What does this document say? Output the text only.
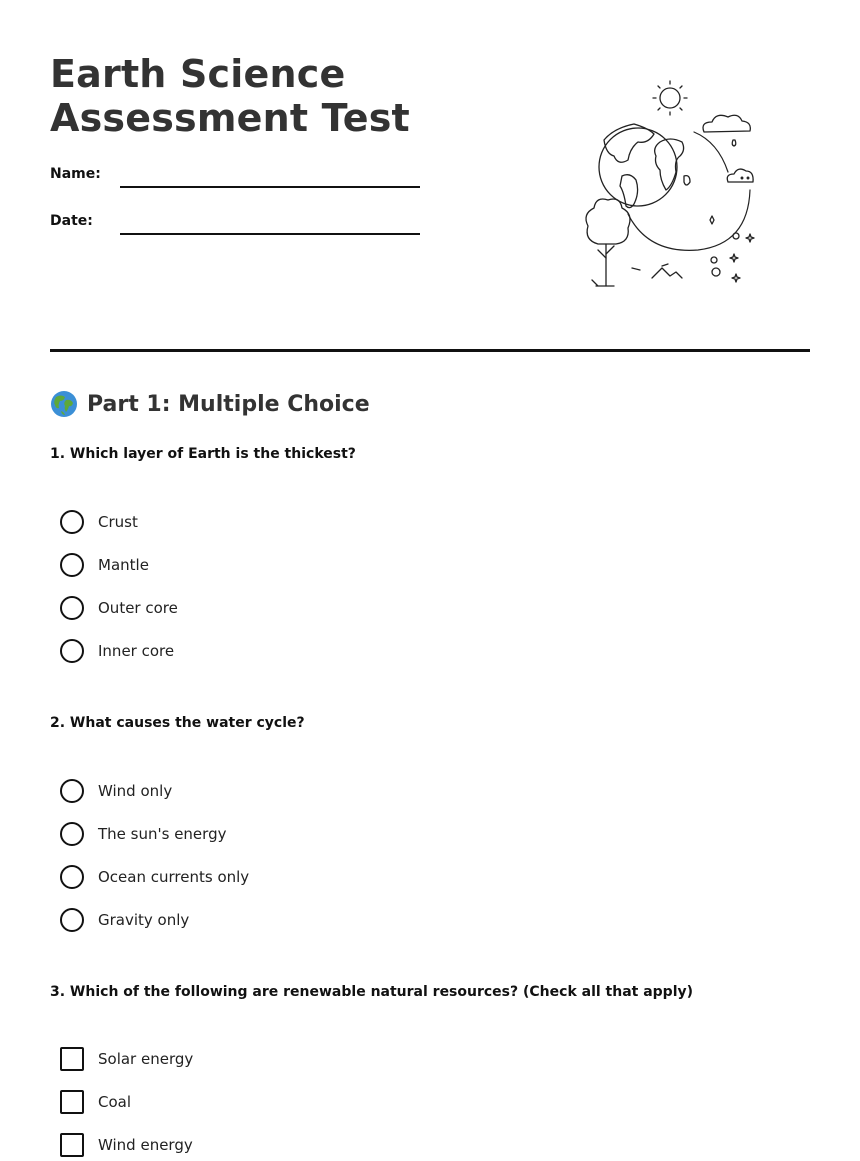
Earth Science
Assessment Test
Name:
Date:
Part 1: Multiple Choice

1. Which layer of Earth is the thickest?

Crust
Mantle
Outer core
Inner core

2. What causes the water cycle?

Wind only
The sun's energy
Ocean currents only
Gravity only

3. Which of the following are renewable natural resources? (Check all that apply)

Solar energy
Coal
Wind energy
